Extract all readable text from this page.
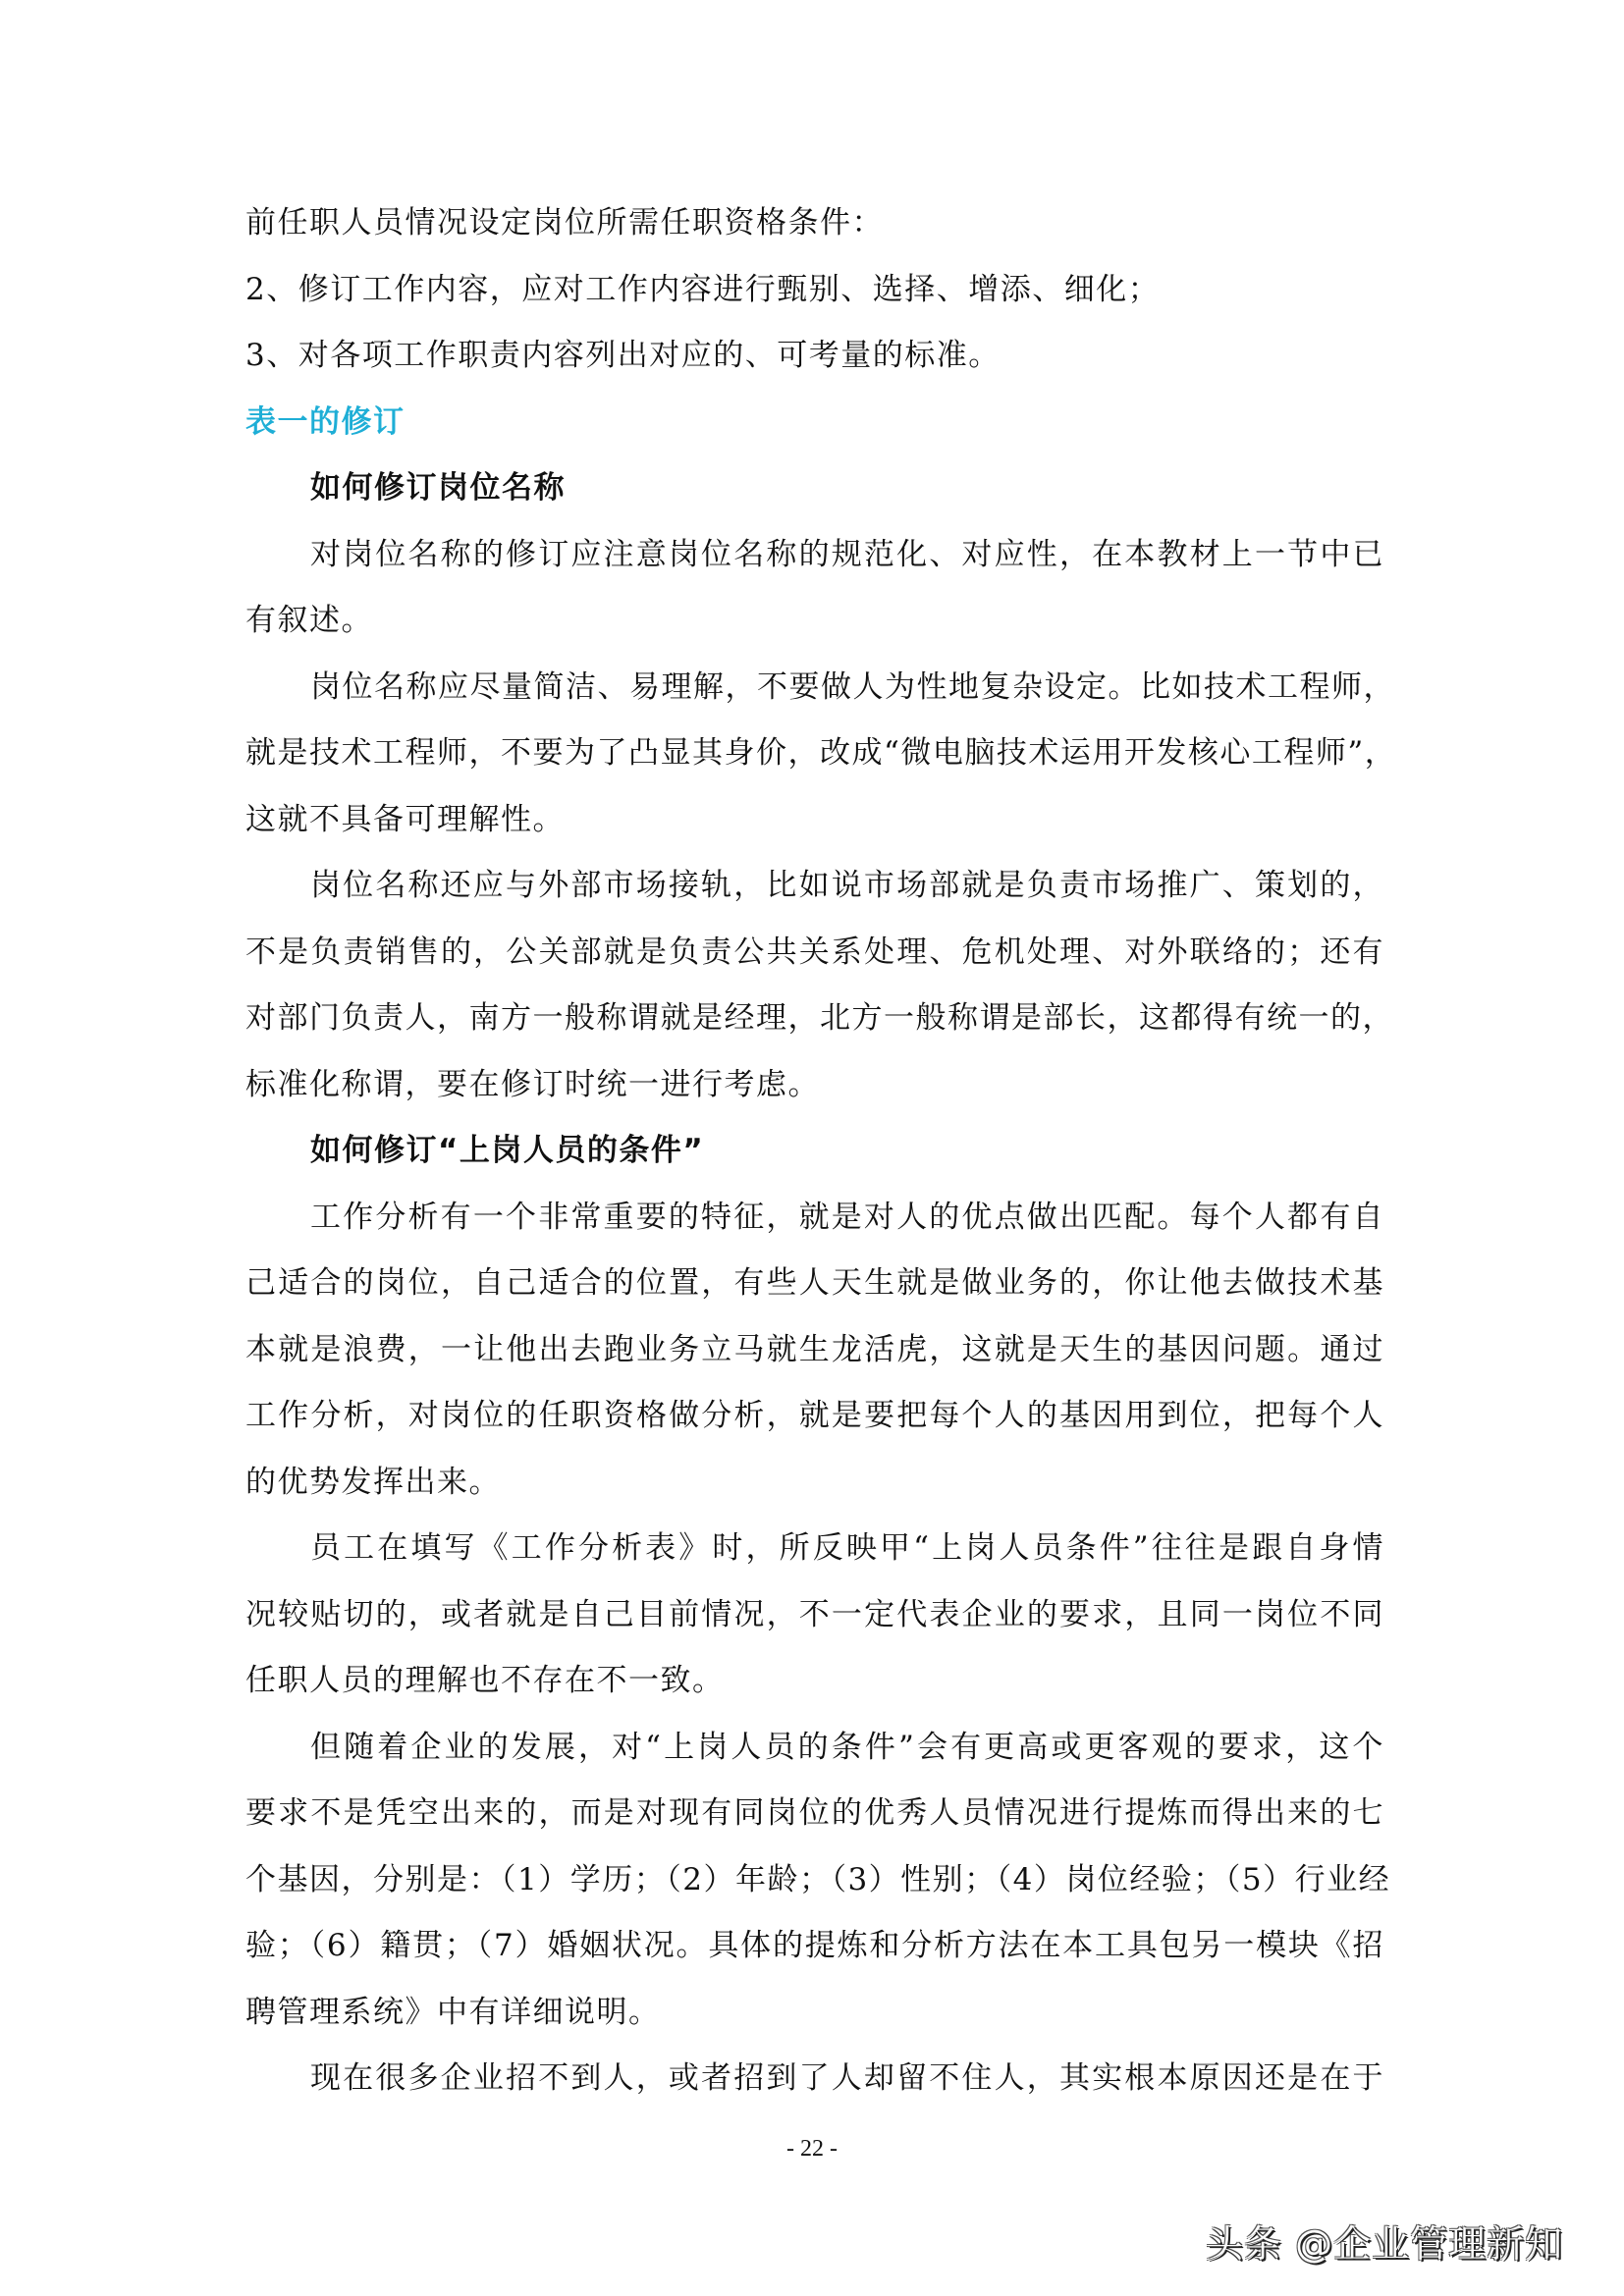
前任职人员情况设定岗位所需任职资格条件：
2、修订工作内容，应对工作内容进行甄别、选择、增添、细化；
3、对各项工作职责内容列出对应的、可考量的标准。
表一的修订
如何修订岗位名称
对岗位名称的修订应注意岗位名称的规范化、对应性，在本教材上一节中已
有叙述。
岗位名称应尽量简洁、易理解，不要做人为性地复杂设定。比如技术工程师，
就是技术工程师，不要为了凸显其身价，改成“微电脑技术运用开发核心工程师”，
这就不具备可理解性。
岗位名称还应与外部市场接轨，比如说市场部就是负责市场推广、策划的，
不是负责销售的，公关部就是负责公共关系处理、危机处理、对外联络的；还有
对部门负责人，南方一般称谓就是经理，北方一般称谓是部长，这都得有统一的，
标准化称谓，要在修订时统一进行考虑。
如何修订“上岗人员的条件”
工作分析有一个非常重要的特征，就是对人的优点做出匹配。每个人都有自
己适合的岗位，自己适合的位置，有些人天生就是做业务的，你让他去做技术基
本就是浪费，一让他出去跑业务立马就生龙活虎，这就是天生的基因问题。通过
工作分析，对岗位的任职资格做分析，就是要把每个人的基因用到位，把每个人
的优势发挥出来。
员工在填写《工作分析表》时，所反映甲“上岗人员条件”往往是跟自身情
况较贴切的，或者就是自己目前情况，不一定代表企业的要求，且同一岗位不同
任职人员的理解也不存在不一致。
但随着企业的发展，对“上岗人员的条件”会有更高或更客观的要求，这个
要求不是凭空出来的，而是对现有同岗位的优秀人员情况进行提炼而得出来的七
个基因，分别是：（1）学历；（2）年龄；（3）性别；（4）岗位经验；（5）行业经
验；（6）籍贯；（7）婚姻状况。具体的提炼和分析方法在本工具包另一模块《招
聘管理系统》中有详细说明。
现在很多企业招不到人，或者招到了人却留不住人，其实根本原因还是在于
- 22 -
头条 @企业管理新知
